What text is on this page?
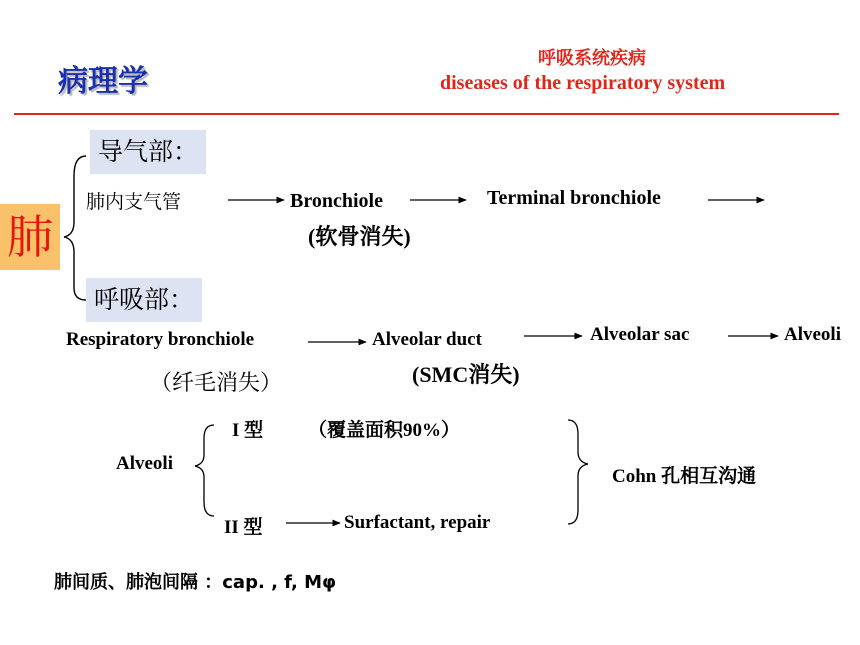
病理学
呼吸系统疾病
diseases of the respiratory system
肺
导气部：
肺内支气管	Bronchiole
(软骨消失)
Terminal bronchiole
呼吸部：
Respiratory bronchiole
（纤毛消失）
Alveolar duct
(SMC消失)
Alveolar sac	Alveoli
Alveoli
I 型 （覆盖面积90%）
II 型	Surfactant, repair
Cohn 孔相互沟通
肺间质、肺泡间隔 ：cap. , f, Mφ
